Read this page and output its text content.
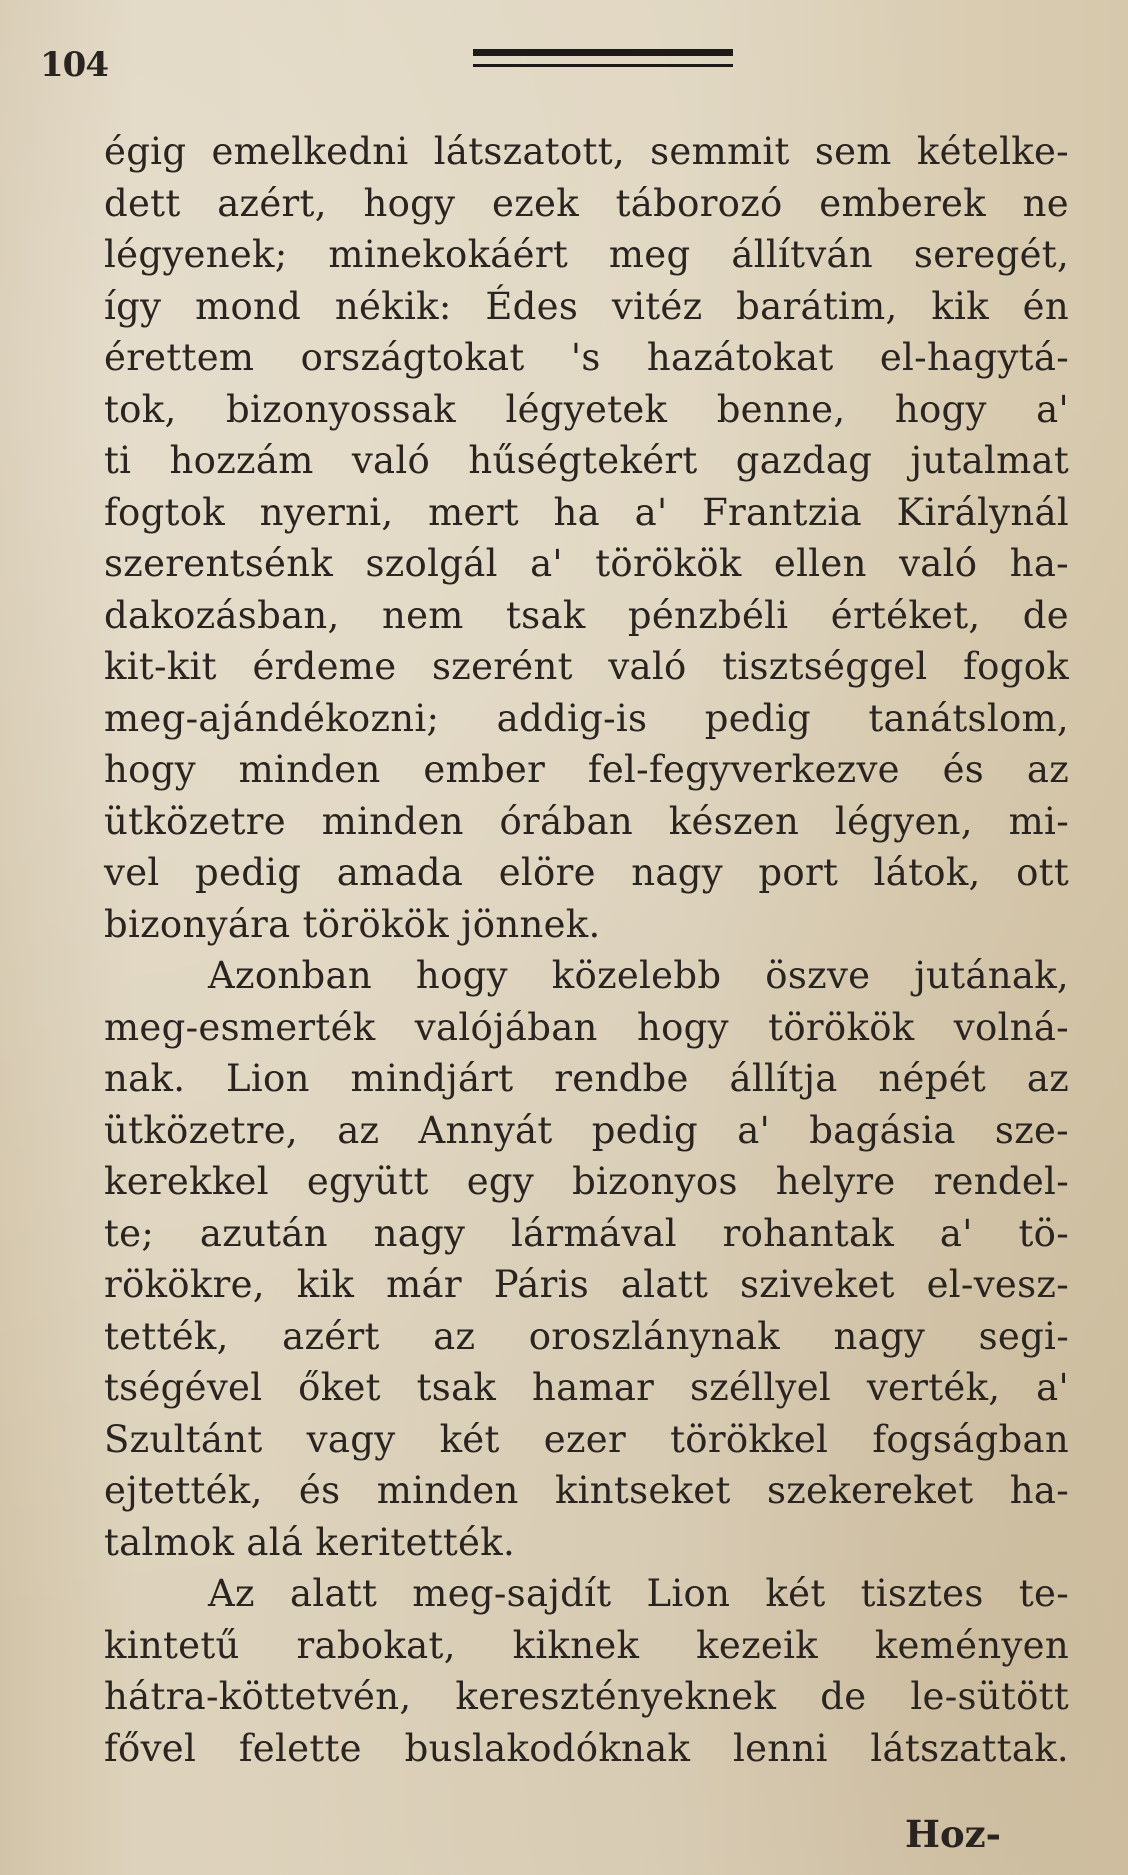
104
égig emelkedni látszatott, semmit sem kételke-
dett azért, hogy ezek táborozó emberek ne
légyenek; minekokáért meg állítván seregét,
így mond nékik: Édes vitéz barátim, kik én
érettem országtokat 's hazátokat el-hagytá-
tok, bizonyossak légyetek benne, hogy a'
ti hozzám való hűségtekért gazdag jutalmat
fogtok nyerni, mert ha a' Frantzia Királynál
szerentsénk szolgál a' törökök ellen való ha-
dakozásban, nem tsak pénzbéli értéket, de
kit-kit érdeme szerént való tisztséggel fogok
meg-ajándékozni; addig-is pedig tanátslom,
hogy minden ember fel-fegyverkezve és az
ütközetre minden órában készen légyen, mi-
vel pedig amada elöre nagy port látok, ott
bizonyára törökök jönnek.
Azonban hogy közelebb öszve jutának,
meg-esmerték valójában hogy törökök volná-
nak. Lion mindjárt rendbe állítja népét az
ütközetre, az Annyát pedig a' bagásia sze-
kerekkel együtt egy bizonyos helyre rendel-
te; azután nagy lármával rohantak a' tö-
rökökre, kik már Páris alatt sziveket el-vesz-
tették, azért az oroszlánynak nagy segi-
tségével őket tsak hamar széllyel verték, a'
Szultánt vagy két ezer törökkel fogságban
ejtették, és minden kintseket szekereket ha-
talmok alá keritették.
Az alatt meg-sajdít Lion két tisztes te-
kintetű rabokat, kiknek kezeik keményen
hátra-köttetvén, keresztényeknek de le-sütött
fővel felette buslakodóknak lenni látszattak.
Hoz-
